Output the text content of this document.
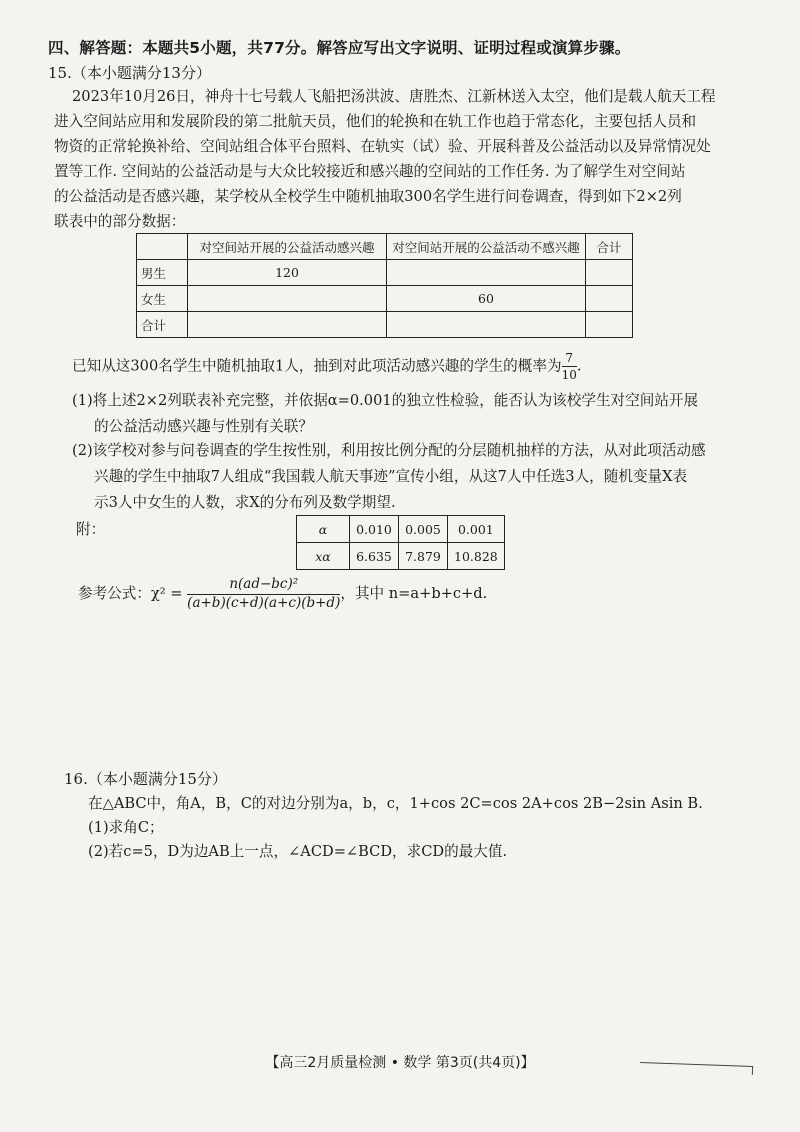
四、解答题：本题共5小题，共77分。解答应写出文字说明、证明过程或演算步骤。
15.（本小题满分13分）
2023年10月26日，神舟十七号载人飞船把汤洪波、唐胜杰、江新林送入太空，他们是载人航天工程
进入空间站应用和发展阶段的第二批航天员，他们的轮换和在轨工作也趋于常态化，主要包括人员和
物资的正常轮换补给、空间站组合体平台照料、在轨实（试）验、开展科普及公益活动以及异常情况处
置等工作. 空间站的公益活动是与大众比较接近和感兴趣的空间站的工作任务. 为了解学生对空间站
的公益活动是否感兴趣，某学校从全校学生中随机抽取300名学生进行问卷调查，得到如下2×2列
联表中的部分数据：
	对空间站开展的公益活动感兴趣	对空间站开展的公益活动不感兴趣	合计
男生	120		
女生		60	
合计			
已知从这300名学生中随机抽取1人，抽到对此项活动感兴趣的学生的概率为 $\frac{7}{10}$ .
(1)将上述2×2列联表补充完整，并依据α=0.001的独立性检验，能否认为该校学生对空间站开展
的公益活动感兴趣与性别有关联？
(2)该学校对参与问卷调查的学生按性别，利用按比例分配的分层随机抽样的方法，从对此项活动感
兴趣的学生中抽取7人组成“我国载人航天事迹”宣传小组，从这7人中任选3人，随机变量X表
示3人中女生的人数，求X的分布列及数学期望.
附：	α	0.010	0.005	0.001
xα	6.635	7.879	10.828
参考公式：$\chi^2 = \frac{\text{n(ad−bc)²}}{(a+b)(c+d)(a+c)(b+d)}$ ，其中 n=a+b+c+d.
16.（本小题满分15分）
在△ABC中，角A，B，C的对边分别为a，b，c，1+cos 2C=cos 2A+cos 2B−2sin Asin B.
(1)求角C；
(2)若c=5，D为边AB上一点，∠ACD=∠BCD，求CD的最大值.
【高三2月质量检测 • 数学 第3页(共4页)】
